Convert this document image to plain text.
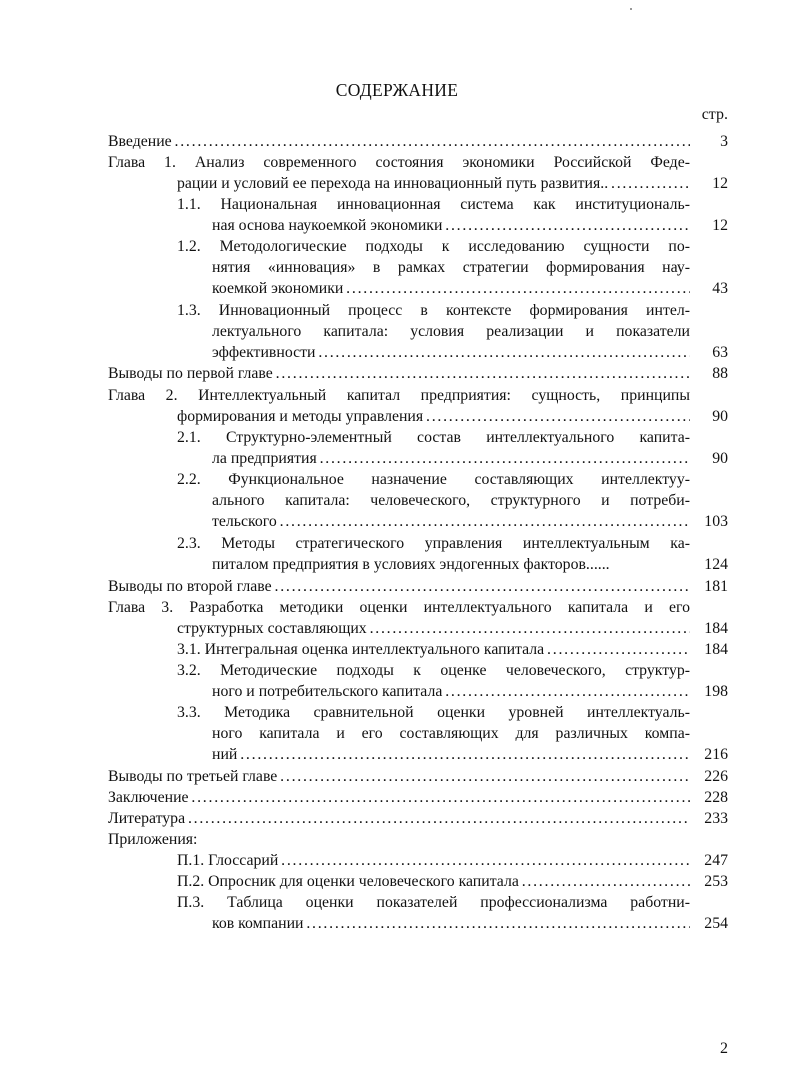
СОДЕРЖАНИЕ
стр.
Введение . . .	3
Глава 1. Анализ современного состояния экономики Российской Феде-
рации и условий ее перехода на инновационный путь развития.. . . .	12
1.1. Национальная инновационная система как институциональ-
ная основа наукоемкой экономики . . .	12
1.2. Методологические подходы к исследованию сущности по-
нятия «инновация» в рамках стратегии формирования нау-
коемкой экономики . . .	43
1.3. Инновационный процесс в контексте формирования интел-
лектуального капитала: условия реализации и показатели
эффективности . . .	63
Выводы по первой главе . . .	88
Глава 2. Интеллектуальный капитал предприятия: сущность, принципы
формирования и методы управления . . .	90
2.1. Структурно-элементный состав интеллектуального капита-
ла предприятия . . .	90
2.2. Функциональное назначение составляющих интеллектуу-
ального капитала: человеческого, структурного и потреби-
тельского . . .	103
2.3. Методы стратегического управления интеллектуальным ка-
питалом предприятия в условиях эндогенных факторов......	124
Выводы по второй главе . . .	181
Глава 3. Разработка методики оценки интеллектуального капитала и его
структурных составляющих . . .	184
3.1. Интегральная оценка интеллектуального капитала . . .	184
3.2. Методические подходы к оценке человеческого, структур-
ного и потребительского капитала . . .	198
3.3. Методика сравнительной оценки уровней интеллектуаль-
ного капитала и его составляющих для различных компа-
ний . . .	216
Выводы по третьей главе . . .	226
Заключение . . .	228
Литература . . .	233
Приложения:
П.1. Глоссарий . . .	247
П.2. Опросник для оценки человеческого капитала . . .	253
П.3. Таблица оценки показателей профессионализма работни-
ков компании . . .	254
2
